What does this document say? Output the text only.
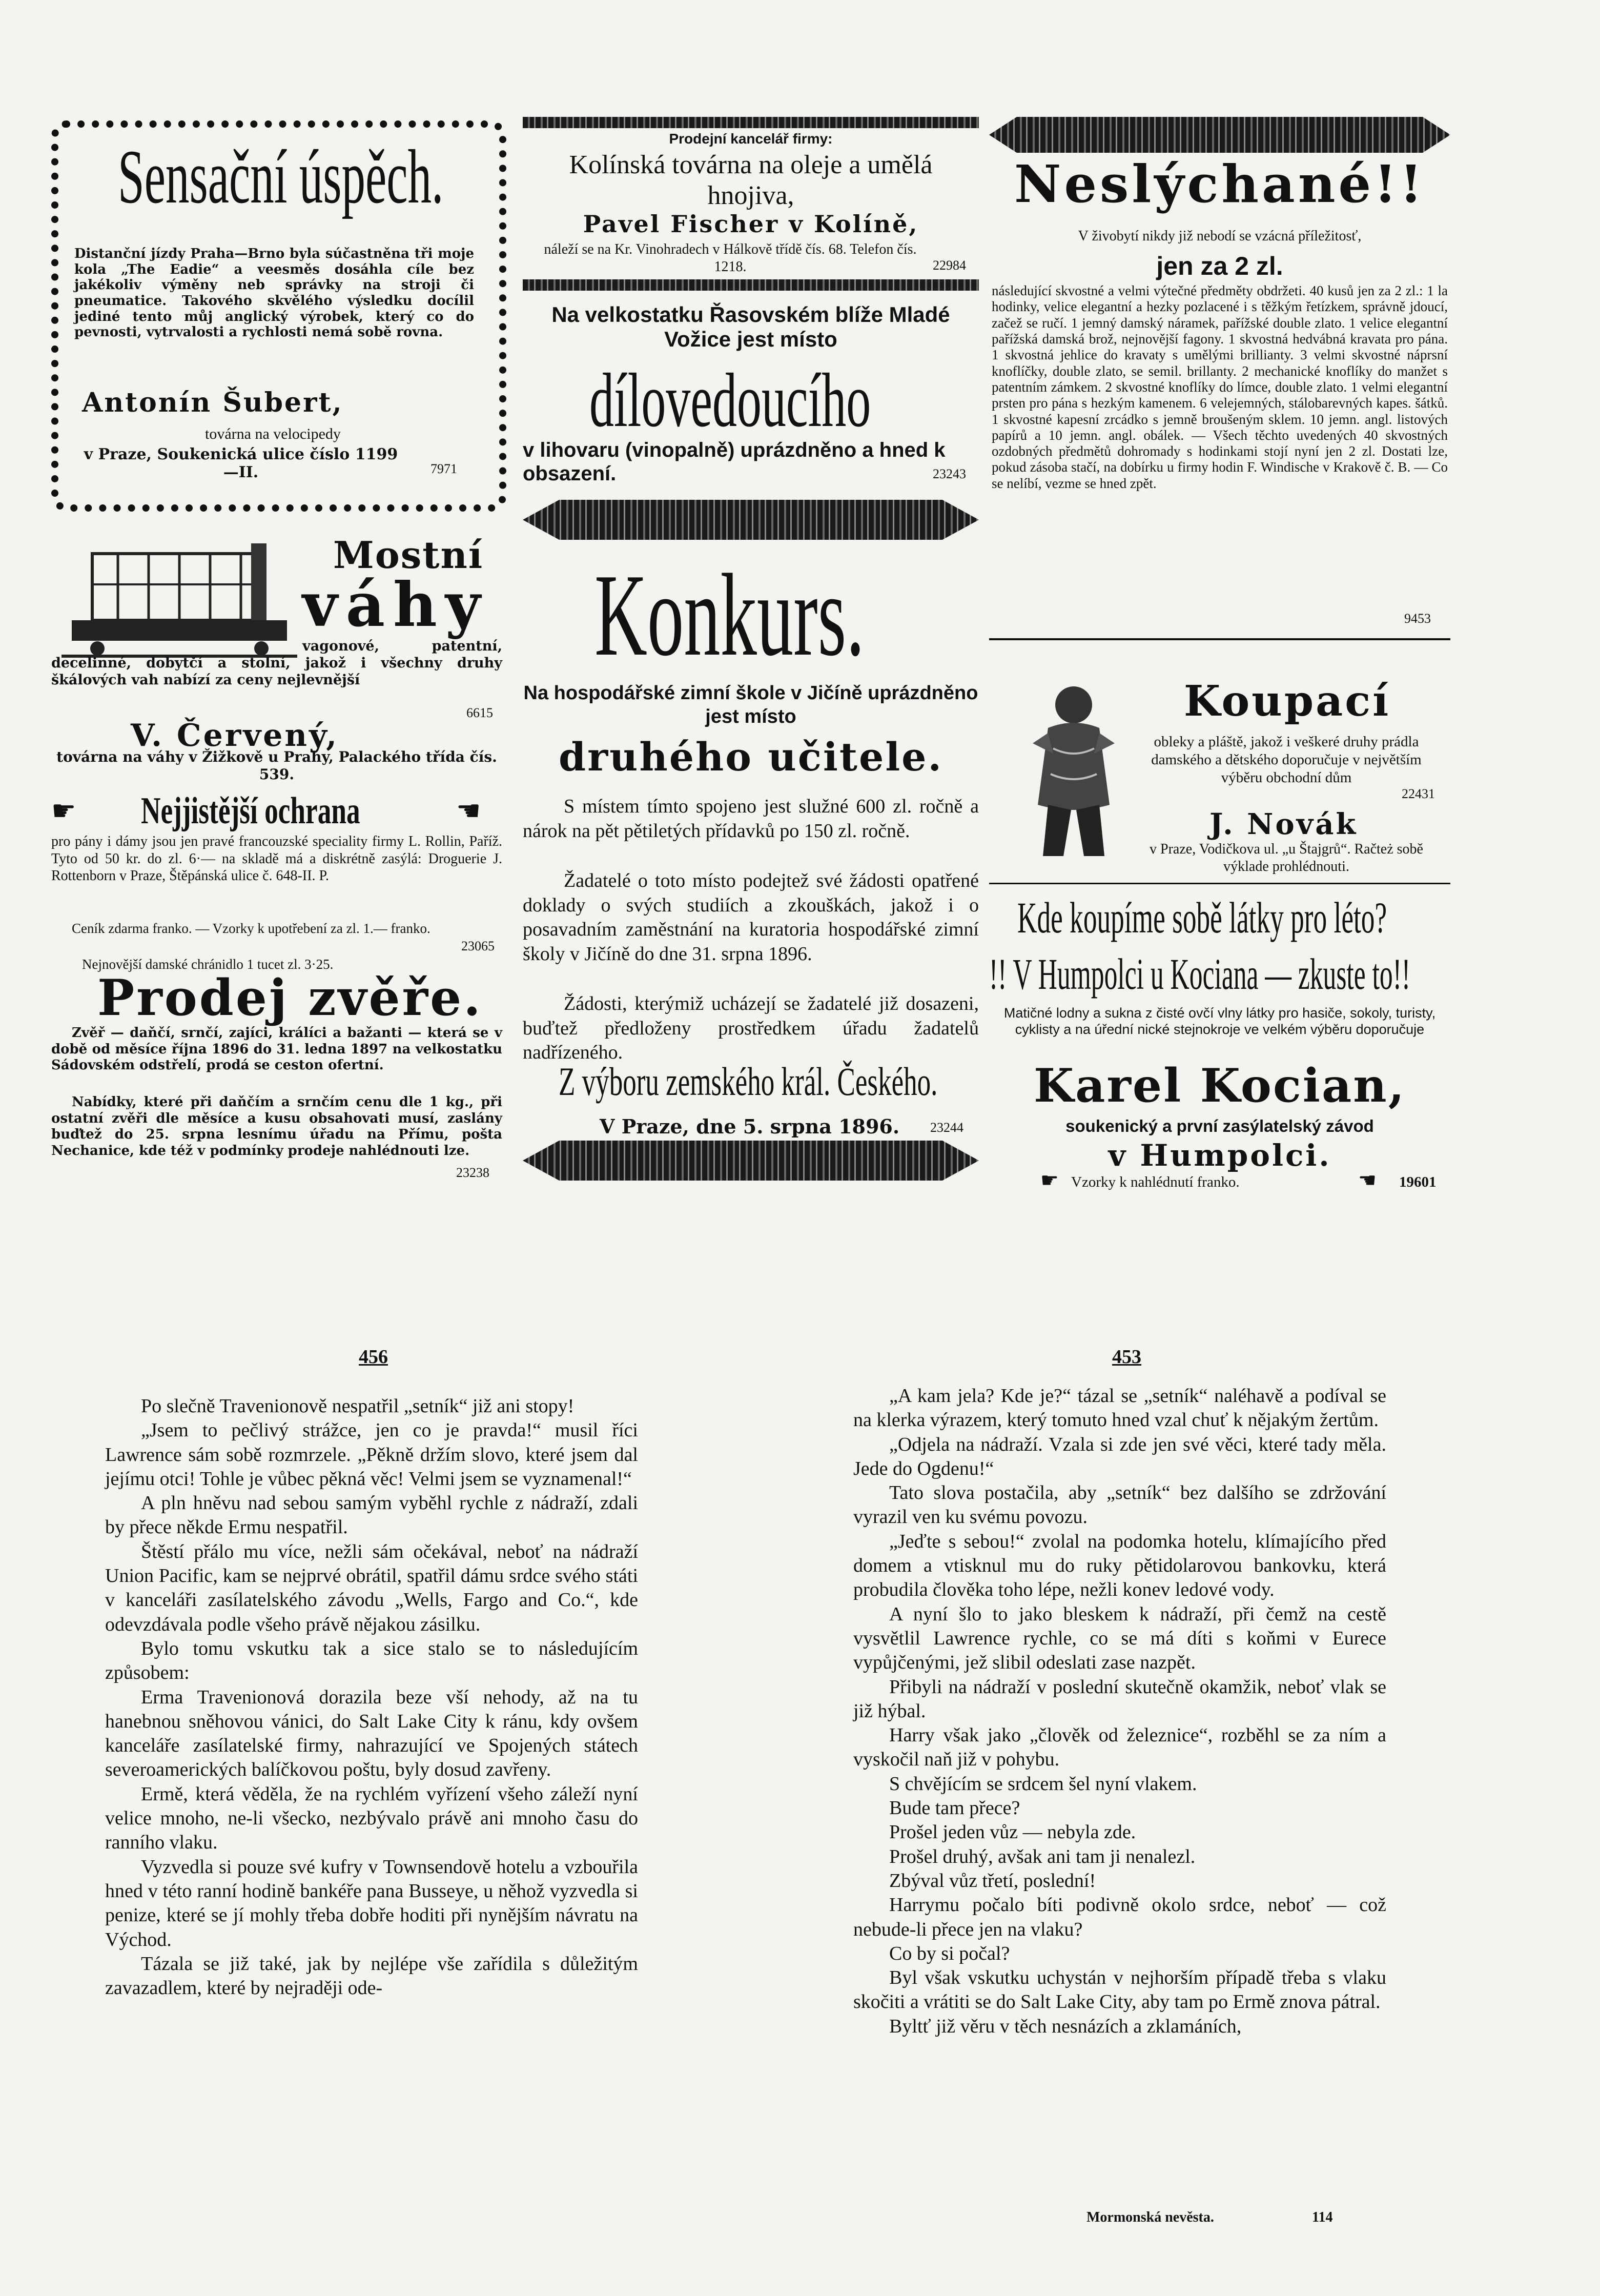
Sensační úspěch.

Distanční jízdy Praha—Brno byla súčastněna tři moje kola „The Eadie“ a veesměs dosáhla cíle bez jakékoliv výměny neb správky na stroji či pneumatice. Takového skvělého výsledku docílil jediné tento můj anglický výrobek, který co do pevnosti, vytrvalosti a rychlosti nemá sobě rovna.

Antonín Šubert,
továrna na velocipedy
v Praze, Soukenická ulice číslo 1199—II.	7971
Mostní
váhy
vagonové, patentní, decelinné, dobytčí a stolní, jakož i všechny druhy škálových vah nabízí za ceny nejlevnější
6615
V. Červený,
továrna na váhy v Žižkově u Prahy, Palackého třída čís. 539.
☛ Nejjistější ochrana	☛
pro pány i dámy jsou jen pravé francouzské speciality firmy L. Rollin, Paříž. Tyto od 50 kr. do zl. 6·— na skladě má a diskrétně zasýlá: Droguerie J. Rottenborn v Praze, Štěpánská ulice č. 648-II. P.
Ceník zdarma franko. — Vzorky k upotřebení za zl. 1.— franko.
23065
Nejnovější damské chránidlo 1 tucet zl. 3·25.
Prodej zvěře.
Zvěř — daňčí, srnčí, zajíci, králíci a bažanti — která se v době od měsíce října 1896 do 31. ledna 1897 na velkostatku Sádovském odstřelí, prodá se ceston ofertní.
Nabídky, které při daňčím a srnčím cenu dle 1 kg., při ostatní zvěři dle měsíce a kusu obsahovati musí, zaslány buďtež do 25. srpna lesnímu úřadu na Přímu, pošta Nechanice, kde též v podmínky prodeje nahlédnouti lze.
23238
Prodejní kancelář firmy:
Kolínská továrna na oleje a umělá hnojiva,
Pavel Fischer v Kolíně,
náleží se na Kr. Vinohradech v Hálkově třídě čís. 68. Telefon čís. 1218.	22984
Na velkostatku Řasovském blíže Mladé Vožice jest místo
dílovedoucího
v lihovaru (vinopalně) uprázdněno a hned k obsazení.	23243
Konkurs.
Na hospodářské zimní škole v Jičíně uprázdněno jest místo
druhého učitele.
S místem tímto spojeno jest služné 600 zl. ročně a nárok na pět pětiletých přídavků po 150 zl. ročně.
Žadatelé o toto místo podejtež své žádosti opatřené doklady o svých studiích a zkouškách, jakož i o posavadním zaměstnání na kuratoria hospodářské zimní školy v Jičíně do dne 31. srpna 1896.
Žádosti, kterýmiž ucházejí se žadatelé již dosazeni, buďtež předloženy prostředkem úřadu žadatelů nadřízeného.
Z výboru zemského král. Českého.
V Praze, dne 5. srpna 1896. 23244
Neslýchané!!
V živobytí nikdy již nebodí se vzácná příležitosť,
jen za 2 zl.
následující skvostné a velmi výtečné předměty obdržeti. 40 kusů jen za 2 zl.: 1 la hodinky, velice elegantní a hezky pozlacené i s těžkým řetízkem, správně jdoucí, začež se ručí. 1 jemný damský náramek, pařížské double zlato. 1 velice elegantní pařížská damská brož, nejnovější fagony. 1 skvostná hedvábná kravata pro pána. 1 skvostná jehlice do kravaty s umělými brillianty. 3 velmi skvostné náprsní knoflíčky, double zlato, se semil. brillanty. 2 mechanické knoflíky do manžet s patentním zámkem. 2 skvostné knoflíky do límce, double zlato. 1 velmi elegantní prsten pro pána s hezkým kamenem. 6 velejemných, stálobarevných kapes. šátků. 1 skvostné kapesní zrcádko s jemně broušeným sklem. 10 jemn. angl. listových papírů a 10 jemn. angl. obálek. — Všech těchto uvedených 40 skvostných ozdobných předmětů dohromady s hodinkami stojí nyní jen 2 zl. Dostati lze, pokud zásoba stačí, na dobírku u firmy hodin F. Windische v Krakově č. B. — Co se nelíbí, vezme se hned zpět.
9453
Koupací
obleky a pláště, jakož i veškeré druhy prádla damského a dětského doporučuje v největším výběru obchodní dům
22431
J. Novák
v Praze, Vodičkova ul. „u Štajgrů“. Račteż sobě výklade prohlédnouti.
Kde koupíme sobě látky pro léto?
!! V Humpolci u Kociana — zkuste to!!
Matičné lodny a sukna z čisté ovčí vlny látky pro hasiče, sokoly, turisty, cyklisty a na úřední nické stejnokroje ve velkém výběru doporučuje
Karel Kocian,
soukenický a první zasýlatelský závod
v Humpolci.
☛ Vzorky k nahlédnutí franko.	☛ 19601
456	453

Po slečně Travenionově nespatřil „setník“ již ani stopy!

„Jsem to pečlivý strážce, jen co je pravda!“ musil říci Lawrence sám sobě rozmrzele. „Pěkně držím slovo, které jsem dal jejímu otci! Tohle je vůbec pěkná věc! Velmi jsem se vyznamenal!“

A pln hněvu nad sebou samým vyběhl rychle z nádraží, zdali by přece někde Ermu nespatřil.

Štěstí přálo mu více, nežli sám očekával, neboť na nádraží Union Pacific, kam se nejprvé obrátil, spatřil dámu srdce svého státi v kanceláři zasílatelského závodu „Wells, Fargo and Co.“, kde odevzdávala podle všeho právě nějakou zásilku.

Bylo tomu vskutku tak a sice stalo se to následujícím způsobem:

Erma Travenionová dorazila beze vší nehody, až na tu hanebnou sněhovou vánici, do Salt Lake City k ránu, kdy ovšem kanceláře zasílatelské firmy, nahrazující ve Spojených státech severoamerických balíčkovou poštu, byly dosud zavřeny.

Ermě, která věděla, že na rychlém vyřízení všeho záleží nyní velice mnoho, ne-li všecko, nezbývalo právě ani mnoho času do ranního vlaku.

Vyzvedla si pouze své kufry v Townsendově hotelu a vzbouřila hned v této ranní hodině bankéře pana Busseye, u něhož vyzvedla si penize, které se jí mohly třeba dobře hoditi při nynějším návratu na Východ.

Tázala se již také, jak by nejlépe vše zařídila s důležitým zavazadlem, které by nejraději ode-

„A kam jela? Kde je?“ tázal se „setník“ naléhavě a podíval se na klerka výrazem, který tomuto hned vzal chuť k nějakým žertům.

„Odjela na nádraží. Vzala si zde jen své věci, které tady měla. Jede do Ogdenu!“

Tato slova postačila, aby „setník“ bez dalšího se zdržování vyrazil ven ku svému povozu.

„Jeďte s sebou!“ zvolal na podomka hotelu, klímajícího před domem a vtisknul mu do ruky pětidolarovou bankovku, která probudila člověka toho lépe, nežli konev ledové vody.

A nyní šlo to jako bleskem k nádraží, při čemž na cestě vysvětlil Lawrence rychle, co se má díti s koňmi v Eurece vypůjčenými, jež slibil odeslati zase nazpět.

Přibyli na nádraží v poslední skutečně okamžik, neboť vlak se již hýbal.

Harry však jako „člověk od železnice“, rozběhl se za ním a vyskočil naň již v pohybu.

S chvějícím se srdcem šel nyní vlakem.

Bude tam přece?

Prošel jeden vůz — nebyla zde.

Prošel druhý, avšak ani tam ji nenalezl.

Zbýval vůz třetí, poslední!

Harrymu počalo bíti podivně okolo srdce, neboť — což nebude-li přece jen na vlaku?

Co by si počal?

Byl však vskutku uchystán v nejhorším případě třeba s vlaku skočiti a vrátiti se do Salt Lake City, aby tam po Ermě znova pátral.

Byltť již věru v těch nesnázích a zklamáních,

Mormonská nevěsta.	114
